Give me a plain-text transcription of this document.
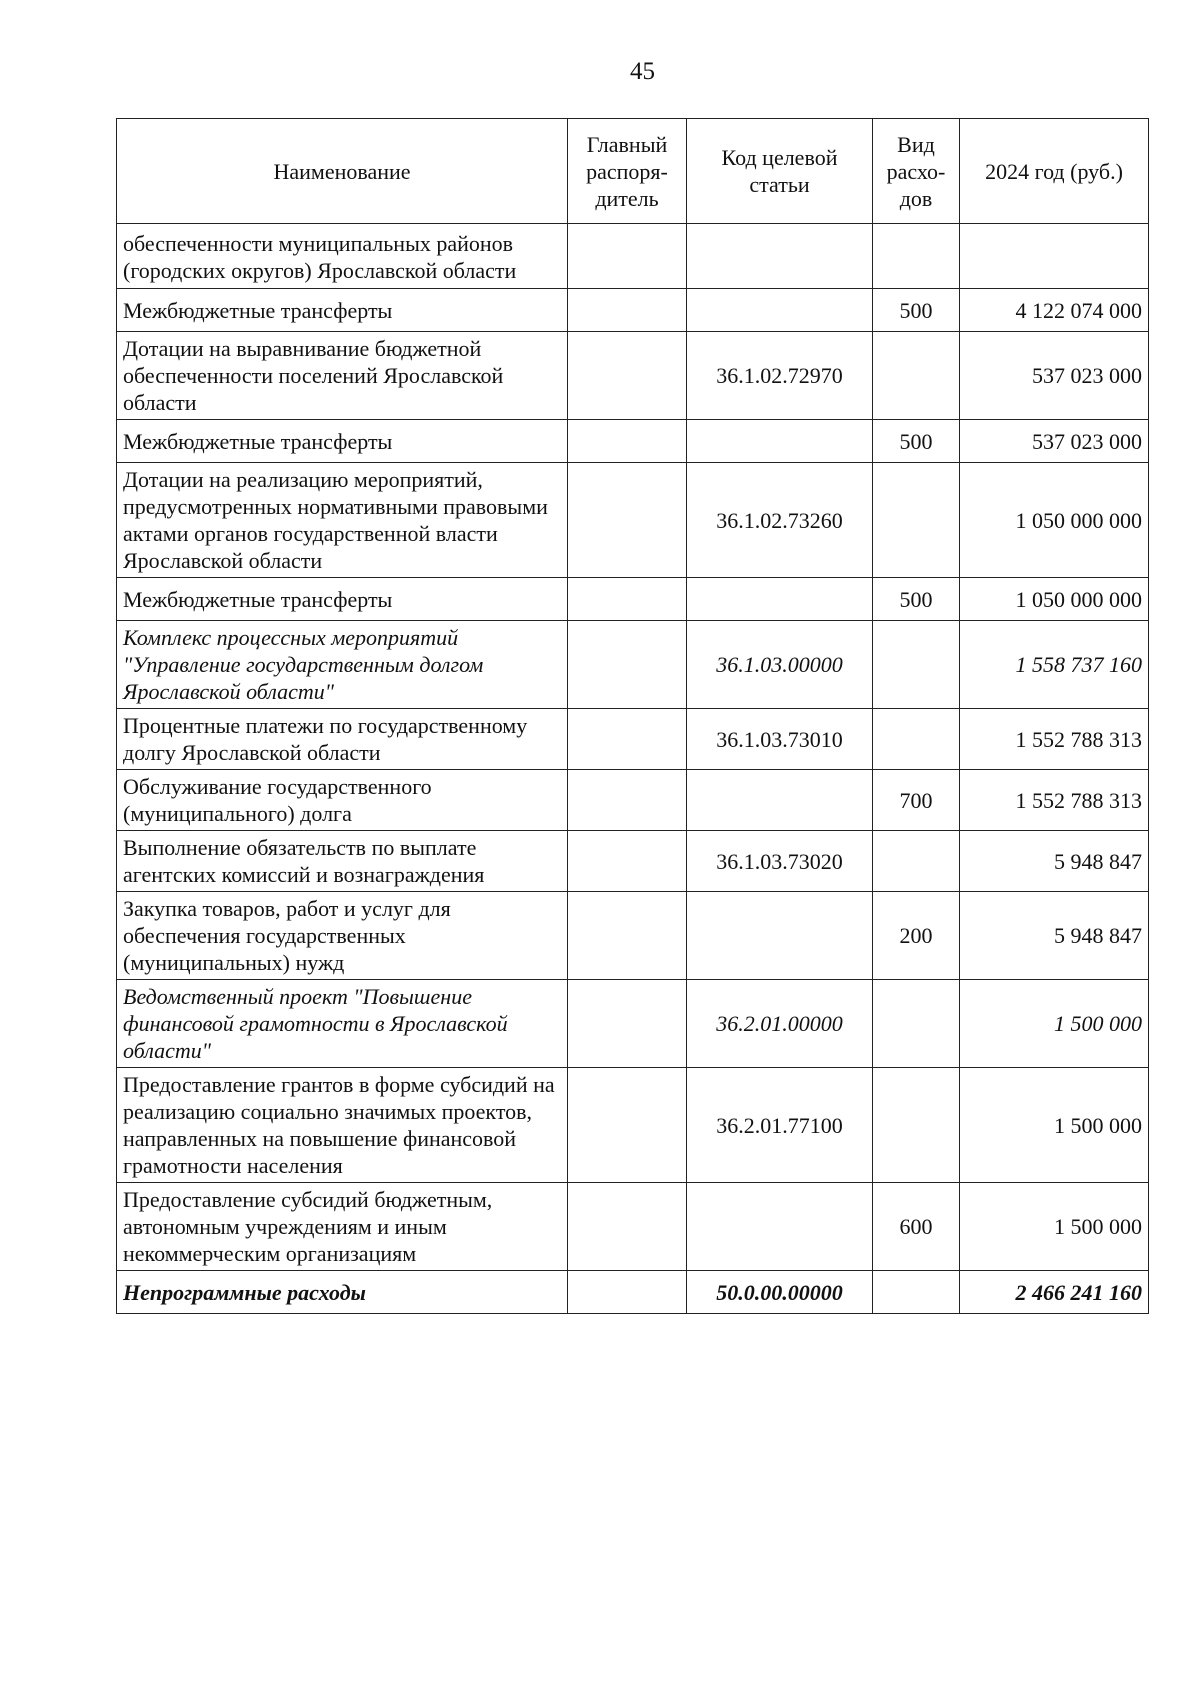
45
Наименование	Главный распоря-дитель	Код целевой статьи	Вид расхо-дов	2024 год (руб.)
обеспеченности муниципальных районов (городских округов) Ярославской области				
Межбюджетные трансферты			500	4 122 074 000
Дотации на выравнивание бюджетной обеспеченности поселений Ярославской области		36.1.02.72970		537 023 000
Межбюджетные трансферты			500	537 023 000
Дотации на реализацию мероприятий, предусмотренных нормативными правовыми актами органов государственной власти Ярославской области		36.1.02.73260		1 050 000 000
Межбюджетные трансферты			500	1 050 000 000
Комплекс процессных мероприятий "Управление государственным долгом Ярославской области"		36.1.03.00000		1 558 737 160
Процентные платежи по государственному долгу Ярославской области		36.1.03.73010		1 552 788 313
Обслуживание государственного (муниципального) долга			700	1 552 788 313
Выполнение обязательств по выплате агентских комиссий и вознаграждения		36.1.03.73020		5 948 847
Закупка товаров, работ и услуг для обеспечения государственных (муниципальных) нужд			200	5 948 847
Ведомственный проект "Повышение финансовой грамотности в Ярославской области"		36.2.01.00000		1 500 000
Предоставление грантов в форме субсидий на реализацию социально значимых проектов, направленных на повышение финансовой грамотности населения		36.2.01.77100		1 500 000
Предоставление субсидий бюджетным, автономным учреждениям и иным некоммерческим организациям			600	1 500 000
Непрограммные расходы		50.0.00.00000		2 466 241 160
